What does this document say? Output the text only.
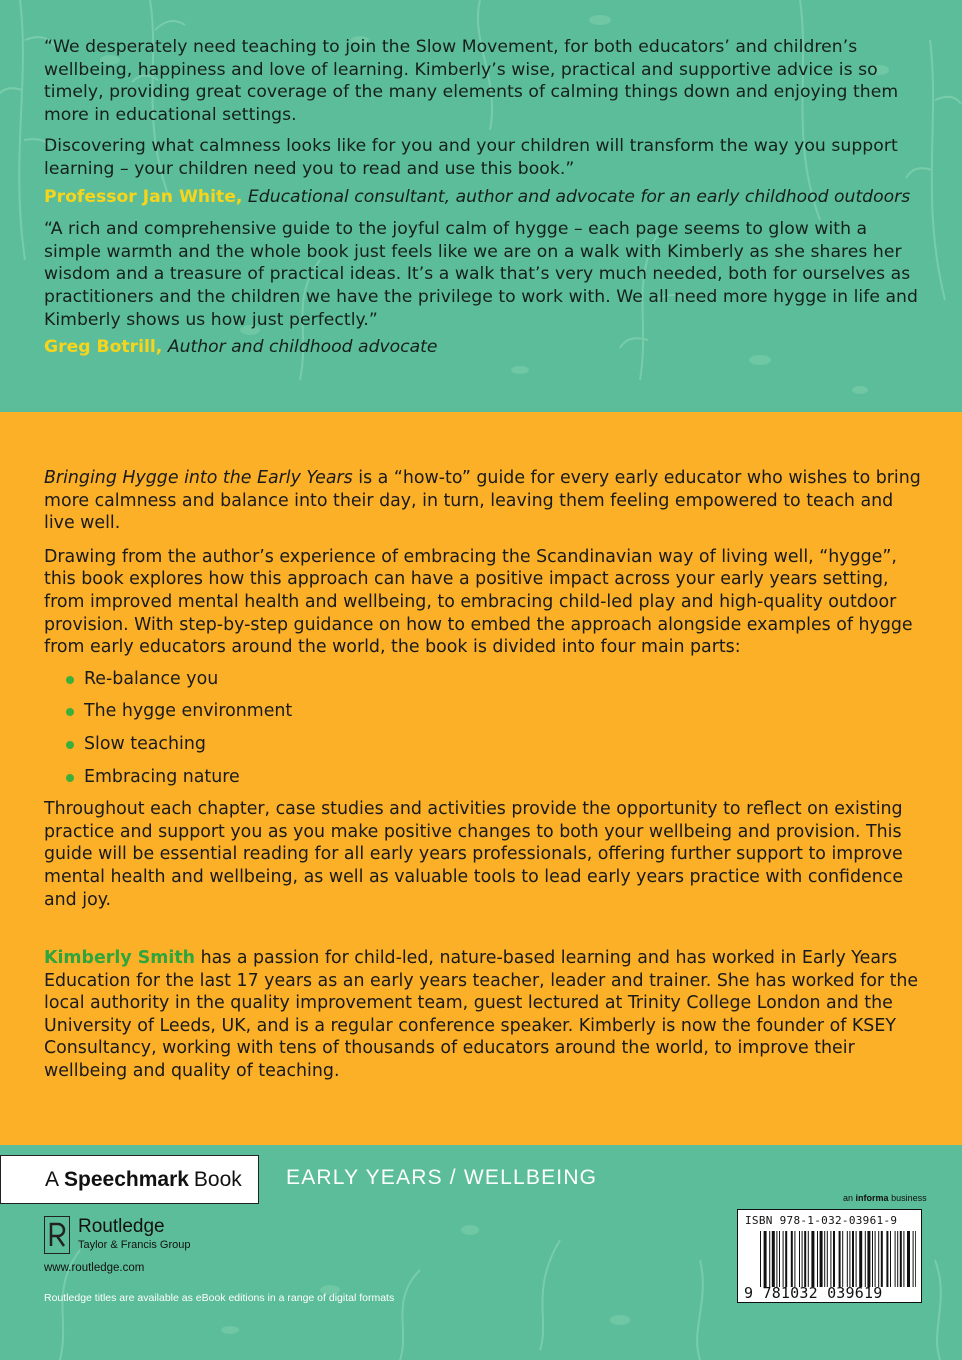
“We desperately need teaching to join the Slow Movement, for both educators’ and children’s wellbeing, happiness and love of learning. Kimberly’s wise, practical and supportive advice is so timely, providing great coverage of the many elements of calming things down and enjoying them more in educational settings.

Discovering what calmness looks like for you and your children will transform the way you support learning – your children need you to read and use this book.”

Professor Jan White, Educational consultant, author and advocate for an early childhood outdoors

“A rich and comprehensive guide to the joyful calm of hygge – each page seems to glow with a simple warmth and the whole book just feels like we are on a walk with Kimberly as she shares her wisdom and a treasure of practical ideas. It’s a walk that’s very much needed, both for ourselves as practitioners and the children we have the privilege to work with. We all need more hygge in life and Kimberly shows us how just perfectly.”

Greg Botrill, Author and childhood advocate

Bringing Hygge into the Early Years is a “how-to” guide for every early educator who wishes to bring more calmness and balance into their day, in turn, leaving them feeling empowered to teach and live well.

Drawing from the author’s experience of embracing the Scandinavian way of living well, “hygge”, this book explores how this approach can have a positive impact across your early years setting, from improved mental health and wellbeing, to embracing child-led play and high-quality outdoor provision. With step-by-step guidance on how to embed the approach alongside examples of hygge from early educators around the world, the book is divided into four main parts:

Re-balance you
The hygge environment
Slow teaching
Embracing nature

Throughout each chapter, case studies and activities provide the opportunity to reflect on existing practice and support you as you make positive changes to both your wellbeing and provision. This guide will be essential reading for all early years professionals, offering further support to improve mental health and wellbeing, as well as valuable tools to lead early years practice with confidence and joy.

Kimberly Smith has a passion for child-led, nature-based learning and has worked in Early Years Education for the last 17 years as an early years teacher, leader and trainer. She has worked for the local authority in the quality improvement team, guest lectured at Trinity College London and the University of Leeds, UK, and is a regular conference speaker. Kimberly is now the founder of KSEY Consultancy, working with tens of thousands of educators around the world, to improve their wellbeing and quality of teaching.

A Speechmark Book EARLY YEARS / WELLBEING
Routledge
Taylor & Francis Group
www.routledge.com
Routledge titles are available as eBook editions in a range of digital formats
an informa business
ISBN 978-1-032-03961-9
9 781032 039619
